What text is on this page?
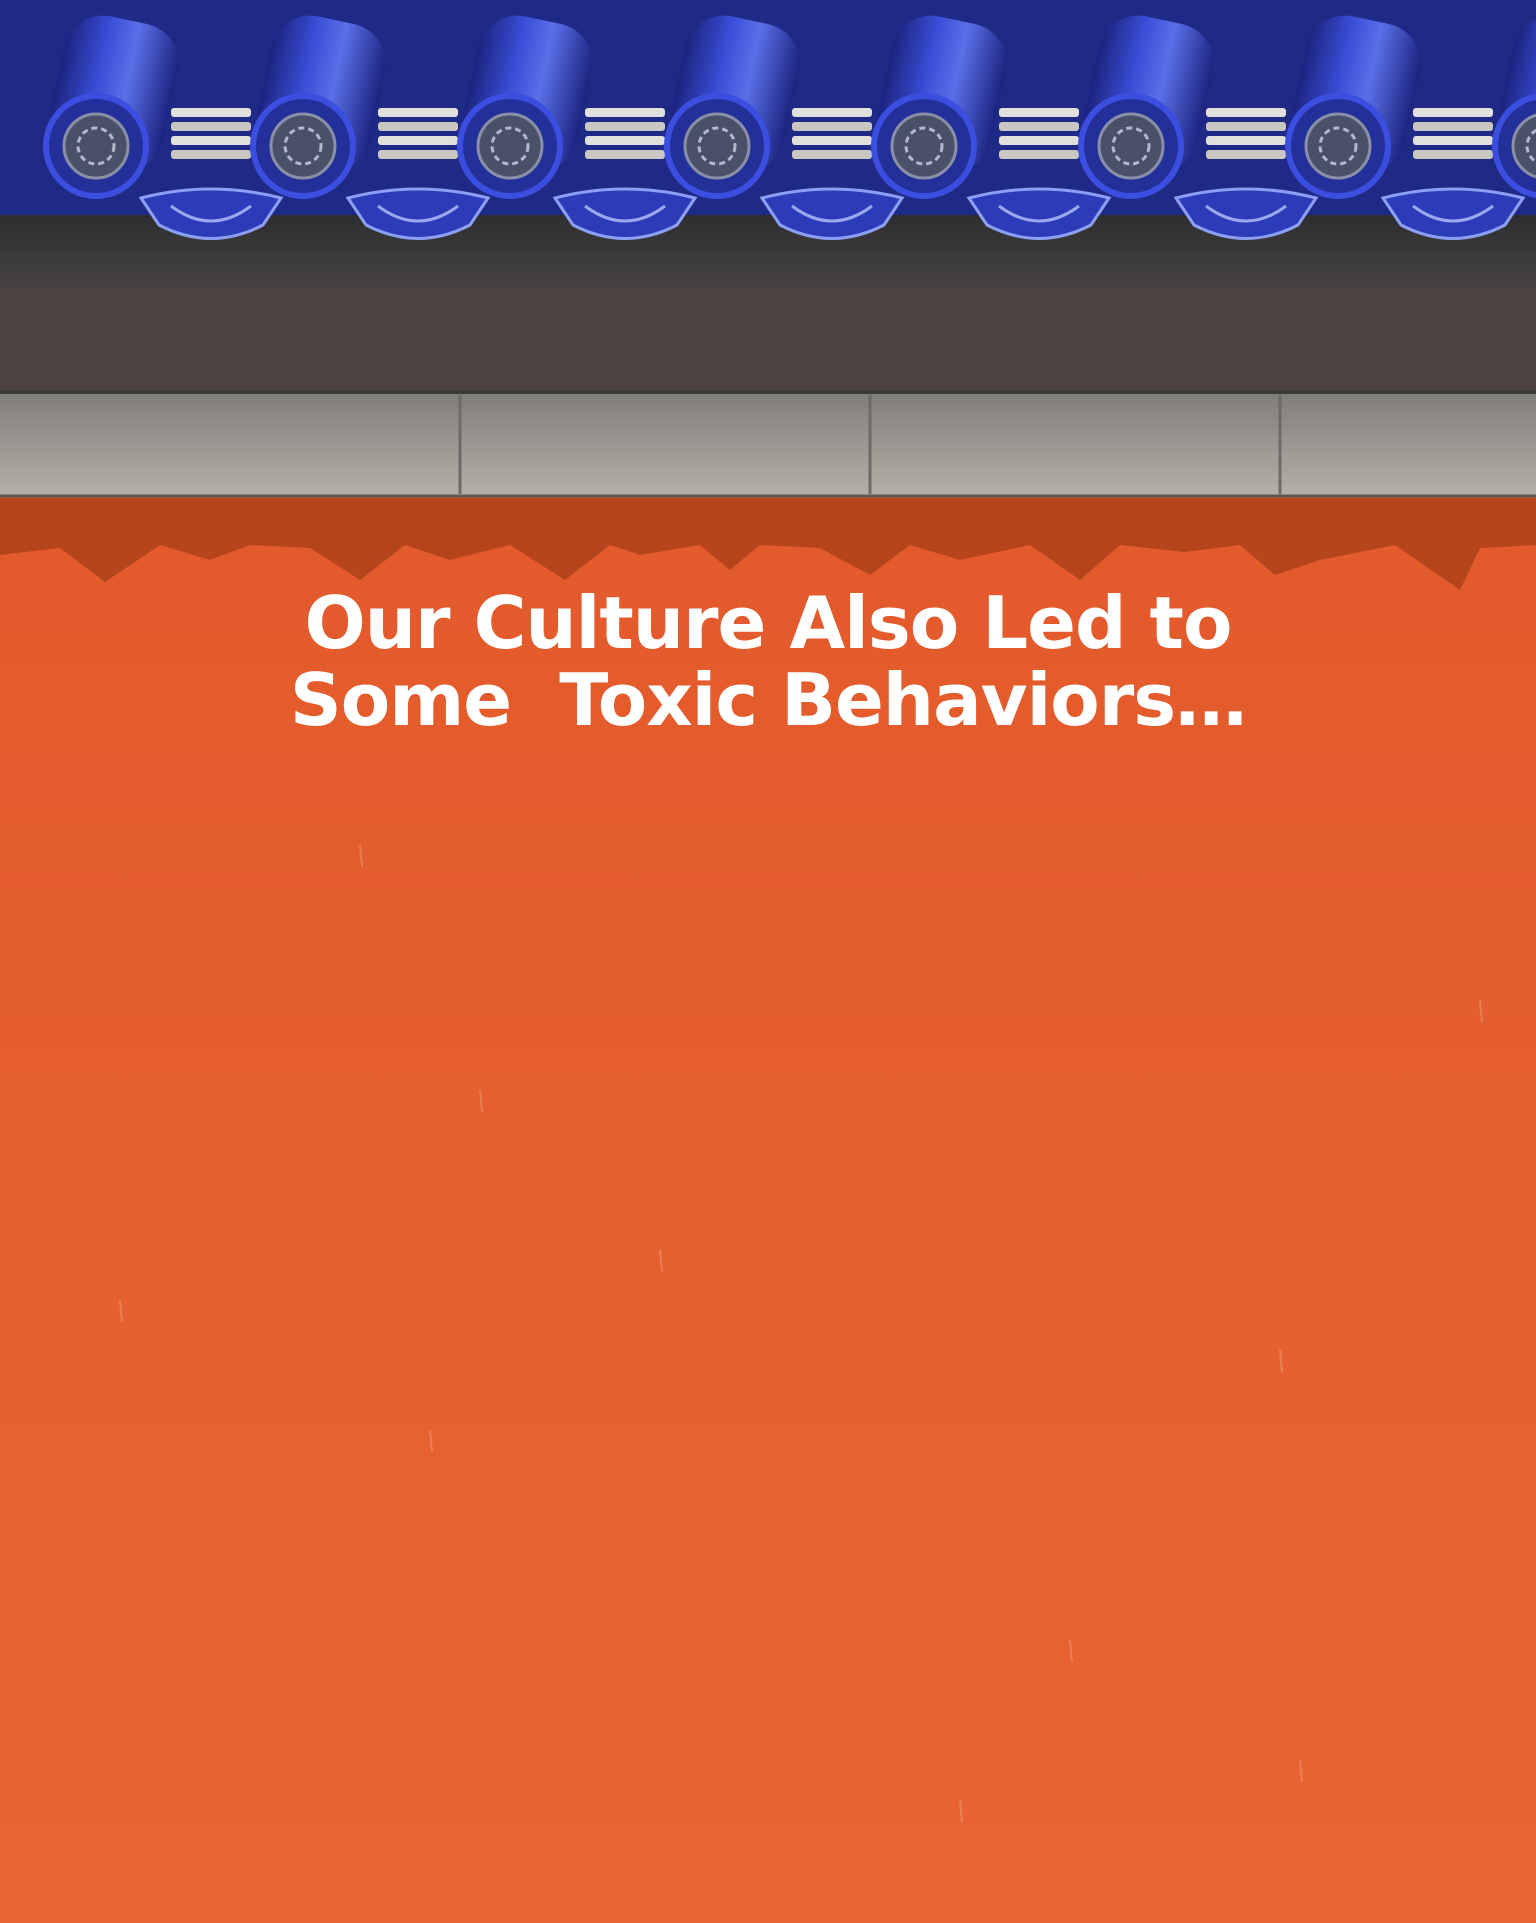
Our Culture Also Led to
Some  Toxic Behaviors…
